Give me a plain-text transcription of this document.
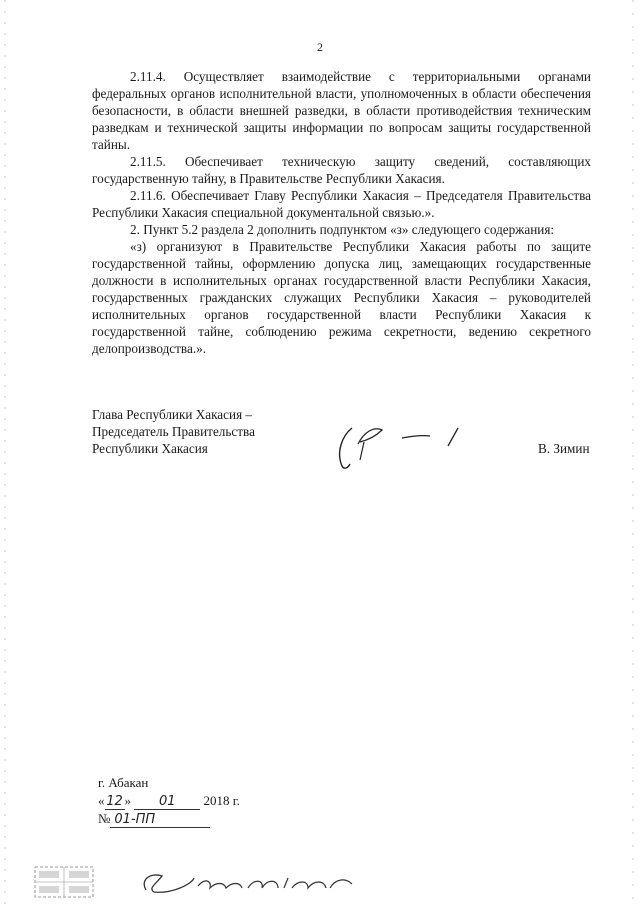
2

2.11.4. Осуществляет взаимодействие с территориальными органами федеральных органов исполнительной власти, уполномоченных в области обеспечения безопасности, в области внешней разведки, в области противодействия техническим разведкам и технической защиты информации по вопросам защиты государственной тайны.

2.11.5. Обеспечивает техническую защиту сведений, составляющих государственную тайну, в Правительстве Республики Хакасия.

2.11.6. Обеспечивает Главу Республики Хакасия – Председателя Правительства Республики Хакасия специальной документальной связью.».

2. Пункт 5.2 раздела 2 дополнить подпунктом «з» следующего содержания:

«з) организуют в Правительстве Республики Хакасия работы по защите государственной тайны, оформлению допуска лиц, замещающих государственные должности в исполнительных органах государственной власти Республики Хакасия, государственных гражданских служащих Республики Хакасия – руководителей исполнительных органов государственной власти Республики Хакасия к государственной тайне, соблюдению режима секретности, ведению секретного делопроизводства.».

Глава Республики Хакасия –
Председатель Правительства
Республики Хакасия	В. Зимин
г. Абакан
« 12 » 01 2018 г.
№ 01-ПП
